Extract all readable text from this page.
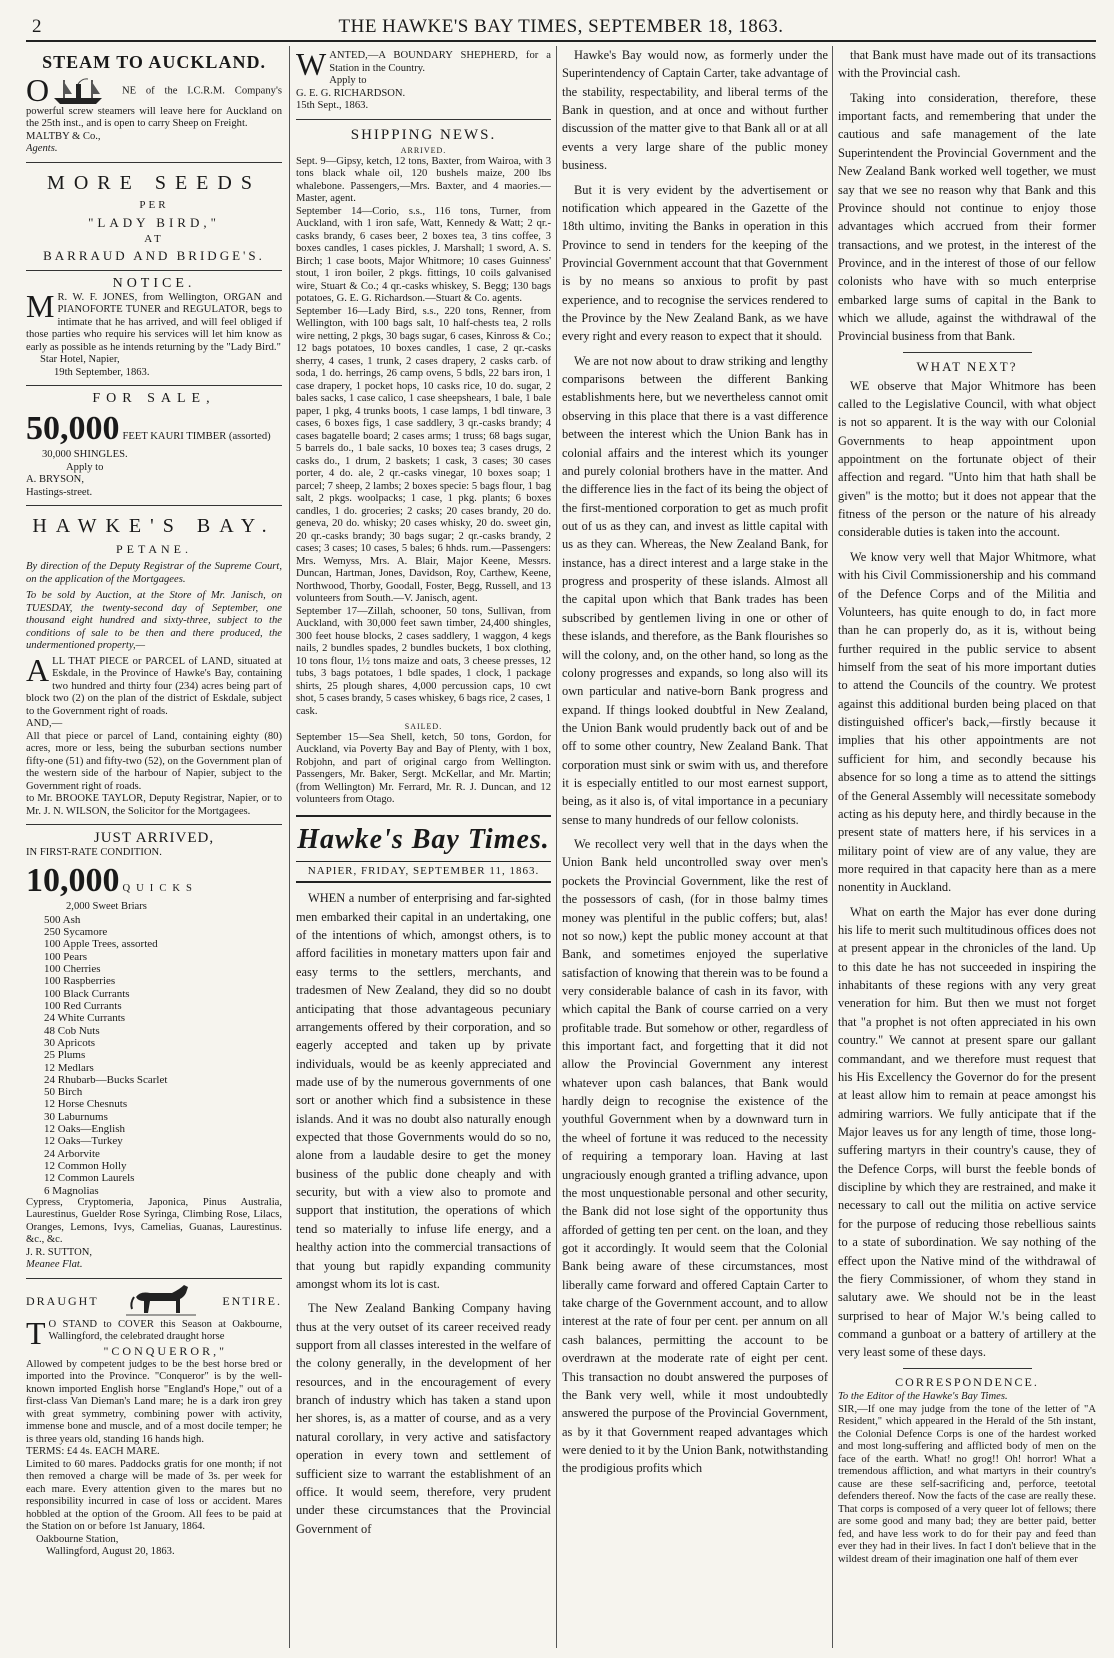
2	THE HAWKE'S BAY TIMES, SEPTEMBER 18, 1863.
STEAM TO AUCKLAND.

O	NE of the I.C.R.M. Company's powerful screw steamers will leave here for Auckland on the 25th inst., and is open to carry Sheep on Freight.
MALTBY & Co.,
Agents.
MORE SEEDS
PER
"LADY BIRD,"
AT
BARRAUD AND BRIDGE'S.
NOTICE.
M R. W. F. JONES, from Wellington, ORGAN and PIANOFORTE TUNER and REGULATOR, begs to intimate that he has arrived, and will feel obliged if those parties who require his services will let him know as early as possible as he intends returning by the "Lady Bird."
Star Hotel, Napier,
19th September, 1863.
FOR SALE,
50,000 FEET KAURI TIMBER (assorted)
30,000 SHINGLES.
Apply to
A. BRYSON,
Hastings-street.
HAWKE'S BAY.
PETANE.
By direction of the Deputy Registrar of the Supreme Court, on the application of the Mortgagees.
To be sold by Auction, at the Store of Mr. Janisch, on TUESDAY, the twenty-second day of September, one thousand eight hundred and sixty-three, subject to the conditions of sale to be then and there produced, the undermentioned property,—
ALL THAT PIECE or PARCEL of LAND, situated at Eskdale, in the Province of Hawke's Bay, containing two hundred and thirty four (234) acres being part of block two (2) on the plan of the district of Eskdale, subject to the Government right of roads.
AND,—
All that piece or parcel of Land, containing eighty (80) acres, more or less, being the suburban sections number fifty-one (51) and fifty-two (52), on the Government plan of the western side of the harbour of Napier, subject to the Government right of roads.
to Mr. BROOKE TAYLOR, Deputy Registrar, Napier, or to Mr. J. N. WILSON, the Solicitor for the Mortgagees.
JUST ARRIVED,
IN FIRST-RATE CONDITION.
10,000 QUICKS
2,000 Sweet Briars
500 Ash
250 Sycamore
100 Apple Trees, assorted
100 Pears
100 Cherries
100 Raspberries
100 Black Currants
100 Red Currants
24 White Currants
48 Cob Nuts
30 Apricots
25 Plums
12 Medlars
24 Rhubarb—Bucks Scarlet
50 Birch
12 Horse Chesnuts
30 Laburnums
12 Oaks—English
12 Oaks—Turkey
24 Arborvite
12 Common Holly
12 Common Laurels
6 Magnolias
Cypress, Cryptomeria, Japonica, Pinus Australia, Laurestinus, Guelder Rose Syringa, Climbing Rose, Lilacs, Oranges, Lemons, Ivys, Camelias, Guanas, Laurestinus. &c., &c.
J. R. SUTTON,
Meanee Flat.
DRAUGHT	ENTIRE.
T O STAND to COVER this Season at Oakbourne, Wallingford, the celebrated draught horse
"CONQUEROR,"
Allowed by competent judges to be the best horse bred or imported into the Province. "Conqueror" is by the well-known imported English horse "England's Hope," out of a first-class Van Dieman's Land mare; he is a dark iron grey with great symmetry, combining power with activity, immense bone and muscle, and of a most docile temper; he is three years old, standing 16 hands high.
TERMS: £4 4s. EACH MARE.
Limited to 60 mares. Paddocks gratis for one month; if not then removed a charge will be made of 3s. per week for each mare. Every attention given to the mares but no responsibility incurred in case of loss or accident. Mares hobbled at the option of the Groom. All fees to be paid at the Station on or before 1st January, 1864.
Oakbourne Station,
Wallingford, August 20, 1863.
WANTED,—A BOUNDARY SHEPHERD, for a Station in the Country.
Apply to
G. E. G. RICHARDSON.
15th Sept., 1863.
SHIPPING NEWS.
ARRIVED.
Sept. 9—Gipsy, ketch, 12 tons, Baxter, from Wairoa, with 3 tons black whale oil, 120 bushels maize, 200 lbs whalebone. Passengers,—Mrs. Baxter, and 4 maories.—Master, agent.
September 14—Corio, s.s., 116 tons, Turner, from Auckland, with 1 iron safe, Watt, Kennedy & Watt; 2 qr.-casks brandy, 6 cases beer, 2 boxes tea, 3 tins coffee, 3 boxes candles, 1 cases pickles, J. Marshall; 1 sword, A. S. Birch; 1 case boots, Major Whitmore; 10 cases Guinness' stout, 1 iron boiler, 2 pkgs. fittings, 10 coils galvanised wire, Stuart & Co.; 4 qr.-casks whiskey, S. Begg; 130 bags potatoes, G. E. G. Richardson.—Stuart & Co. agents.
September 16—Lady Bird, s.s., 220 tons, Renner, from Wellington, with 100 bags salt, 10 half-chests tea, 2 rolls wire netting, 2 pkgs, 30 bags sugar, 6 cases, Kinross & Co.; 12 bags potatoes, 10 boxes candles, 1 case, 2 qr.-casks sherry, 4 cases, 1 trunk, 2 cases drapery, 2 casks carb. of soda, 1 do. herrings, 26 camp ovens, 5 bdls, 22 bars iron, 1 case drapery, 1 pocket hops, 10 casks rice, 10 do. sugar, 2 bales sacks, 1 case calico, 1 case sheepshears, 1 bale, 1 bale paper, 1 pkg, 4 trunks boots, 1 case lamps, 1 bdl tinware, 3 cases, 6 boxes figs, 1 case saddlery, 3 qr.-casks brandy; 4 cases bagatelle board; 2 cases arms; 1 truss; 68 bags sugar, 5 barrels do., 1 bale sacks, 10 boxes tea; 3 cases drugs, 2 casks do., 1 drum, 2 baskets; 1 cask, 3 cases; 30 cases porter, 4 do. ale, 2 qr.-casks vinegar, 10 boxes soap; 1 parcel; 7 sheep, 2 lambs; 2 boxes specie: 5 bags flour, 1 bag salt, 2 pkgs. woolpacks; 1 case, 1 pkg. plants; 6 boxes candles, 1 do. groceries; 2 casks; 20 cases brandy, 20 do. geneva, 20 do. whisky; 20 cases whisky, 20 do. sweet gin, 20 qr.-casks brandy; 30 bags sugar; 2 qr.-casks brandy, 2 cases; 3 cases; 10 cases, 5 bales; 6 hhds. rum.—Passengers: Mrs. Wemyss, Mrs. A. Blair, Major Keene, Messrs. Duncan, Hartman, Jones, Davidson, Roy, Carthew, Keene, Northwood, Thorby, Goodall, Foster, Begg, Russell, and 13 volunteers from South.—V. Janisch, agent.
September 17—Zillah, schooner, 50 tons, Sullivan, from Auckland, with 30,000 feet sawn timber, 24,400 shingles, 300 feet house blocks, 2 cases saddlery, 1 waggon, 4 kegs nails, 2 bundles spades, 2 bundles buckets, 1 box clothing, 10 tons flour, 1½ tons maize and oats, 3 cheese presses, 12 tubs, 3 bags potatoes, 1 bdle spades, 1 clock, 1 package shirts, 25 plough shares, 4,000 percussion caps, 10 cwt shot, 5 cases brandy, 5 cases whiskey, 6 bags rice, 2 cases, 1 cask.
SAILED.
September 15—Sea Shell, ketch, 50 tons, Gordon, for Auckland, via Poverty Bay and Bay of Plenty, with 1 box, Robjohn, and part of original cargo from Wellington. Passengers, Mr. Baker, Sergt. McKellar, and Mr. Martin; (from Wellington) Mr. Ferrard, Mr. R. J. Duncan, and 12 volunteers from Otago.
Hawke's Bay Times.
NAPIER, FRIDAY, SEPTEMBER 11, 1863.

WHEN a number of enterprising and far-sighted men embarked their capital in an undertaking, one of the intentions of which, amongst others, is to afford facilities in monetary matters upon fair and easy terms to the settlers, merchants, and tradesmen of New Zealand, they did so no doubt anticipating that those advantageous pecuniary arrangements offered by their corporation, and so eagerly accepted and taken up by private individuals, would be as keenly appreciated and made use of by the numerous governments of one sort or another which find a subsistence in these islands. And it was no doubt also naturally enough expected that those Governments would do so no, alone from a laudable desire to get the money business of the public done cheaply and with security, but with a view also to promote and support that institution, the operations of which tend so materially to infuse life energy, and a healthy action into the commercial transactions of that young but rapidly expanding community amongst whom its lot is cast.

The New Zealand Banking Company having thus at the very outset of its career received ready support from all classes interested in the welfare of the colony generally, in the development of her resources, and in the encouragement of every branch of industry which has taken a stand upon her shores, is, as a matter of course, and as a very natural corollary, in very active and satisfactory operation in every town and settlement of sufficient size to warrant the establishment of an office. It would seem, therefore, very prudent under these circumstances that the Provincial Government of

Hawke's Bay would now, as formerly under the Superintendency of Captain Carter, take advantage of the stability, respectability, and liberal terms of the Bank in question, and at once and without further discussion of the matter give to that Bank all or at all events a very large share of the public money business.

But it is very evident by the advertisement or notification which appeared in the Gazette of the 18th ultimo, inviting the Banks in operation in this Province to send in tenders for the keeping of the Provincial Government account that that Government is by no means so anxious to profit by past experience, and to recognise the services rendered to the Province by the New Zealand Bank, as we have every right and every reason to expect that it should.

We are not now about to draw striking and lengthy comparisons between the different Banking establishments here, but we nevertheless cannot omit observing in this place that there is a vast difference between the interest which the Union Bank has in colonial affairs and the interest which its younger and purely colonial brothers have in the matter. And the difference lies in the fact of its being the object of the first-mentioned corporation to get as much profit out of us as they can, and invest as little capital with us as they can. Whereas, the New Zealand Bank, for instance, has a direct interest and a large stake in the progress and prosperity of these islands. Almost all the capital upon which that Bank trades has been subscribed by gentlemen living in one or other of these islands, and therefore, as the Bank flourishes so will the colony, and, on the other hand, so long as the colony progresses and expands, so long also will its own particular and native-born Bank progress and expand. If things looked doubtful in New Zealand, the Union Bank would prudently back out of and be off to some other country, New Zealand Bank. That corporation must sink or swim with us, and therefore it is especially entitled to our most earnest support, being, as it also is, of vital importance in a pecuniary sense to many hundreds of our fellow colonists.

We recollect very well that in the days when the Union Bank held uncontrolled sway over men's pockets the Provincial Government, like the rest of the possessors of cash, (for in those balmy times money was plentiful in the public coffers; but, alas! not so now,) kept the public money account at that Bank, and sometimes enjoyed the superlative satisfaction of knowing that therein was to be found a very considerable balance of cash in its favor, with which capital the Bank of course carried on a very profitable trade. But somehow or other, regardless of this important fact, and forgetting that it did not allow the Provincial Government any interest whatever upon cash balances, that Bank would hardly deign to recognise the existence of the youthful Government when by a downward turn in the wheel of fortune it was reduced to the necessity of requiring a temporary loan. Having at last ungraciously enough granted a trifling advance, upon the most unquestionable personal and other security, the Bank did not lose sight of the opportunity thus afforded of getting ten per cent. on the loan, and they got it accordingly. It would seem that the Colonial Bank being aware of these circumstances, most liberally came forward and offered Captain Carter to take charge of the Government account, and to allow interest at the rate of four per cent. per annum on all cash balances, permitting the account to be overdrawn at the moderate rate of eight per cent. This transaction no doubt answered the purposes of the Bank very well, while it most undoubtedly answered the purpose of the Provincial Government, as by it that Government reaped advantages which were denied to it by the Union Bank, notwithstanding the prodigious profits which

that Bank must have made out of its transactions with the Provincial cash.

Taking into consideration, therefore, these important facts, and remembering that under the cautious and safe management of the late Superintendent the Provincial Government and the New Zealand Bank worked well together, we must say that we see no reason why that Bank and this Province should not continue to enjoy those advantages which accrued from their former transactions, and we protest, in the interest of the Province, and in the interest of those of our fellow colonists who have with so much enterprise embarked large sums of capital in the Bank to which we allude, against the withdrawal of the Provincial business from that Bank.

WHAT NEXT?

WE observe that Major Whitmore has been called to the Legislative Council, with what object is not so apparent. It is the way with our Colonial Governments to heap appointment upon appointment on the fortunate object of their affection and regard. "Unto him that hath shall be given" is the motto; but it does not appear that the fitness of the person or the nature of his already considerable duties is taken into the account.

We know very well that Major Whitmore, what with his Civil Commissionership and his command of the Defence Corps and of the Militia and Volunteers, has quite enough to do, in fact more than he can properly do, as it is, without being further required in the public service to absent himself from the seat of his more important duties to attend the Councils of the country. We protest against this additional burden being placed on that distinguished officer's back,—firstly because it implies that his other appointments are not sufficient for him, and secondly because his absence for so long a time as to attend the sittings of the General Assembly will necessitate somebody acting as his deputy here, and thirdly because in the present state of matters here, if his services in a military point of view are of any value, they are more required in that capacity here than as a mere nonentity in Auckland.

What on earth the Major has ever done during his life to merit such multitudinous offices does not at present appear in the chronicles of the land. Up to this date he has not succeeded in inspiring the inhabitants of these regions with any very great veneration for him. But then we must not forget that "a prophet is not often appreciated in his own country." We cannot at present spare our gallant commandant, and we therefore must request that his His Excellency the Governor do for the present at least allow him to remain at peace amongst his admiring warriors. We fully anticipate that if the Major leaves us for any length of time, those long-suffering martyrs in their country's cause, they of the Defence Corps, will burst the feeble bonds of discipline by which they are restrained, and make it necessary to call out the militia on active service for the purpose of reducing those rebellious saints to a state of subordination. We say nothing of the effect upon the Native mind of the withdrawal of the fiery Commissioner, of whom they stand in salutary awe. We should not be in the least surprised to hear of Major W.'s being called to command a gunboat or a battery of artillery at the very least some of these days.

CORRESPONDENCE.
To the Editor of the Hawke's Bay Times.
SIR,—If one may judge from the tone of the letter of "A Resident," which appeared in the Herald of the 5th instant, the Colonial Defence Corps is one of the hardest worked and most long-suffering and afflicted body of men on the face of the earth. What! no grog!! Oh! horror! What a tremendous affliction, and what martyrs in their country's cause are these self-sacrificing and, perforce, teetotal defenders thereof. Now the facts of the case are really these. That corps is composed of a very queer lot of fellows; there are some good and many bad; they are better paid, better fed, and have less work to do for their pay and feed than ever they had in their lives. In fact I don't believe that in the wildest dream of their imagination one half of them ever
